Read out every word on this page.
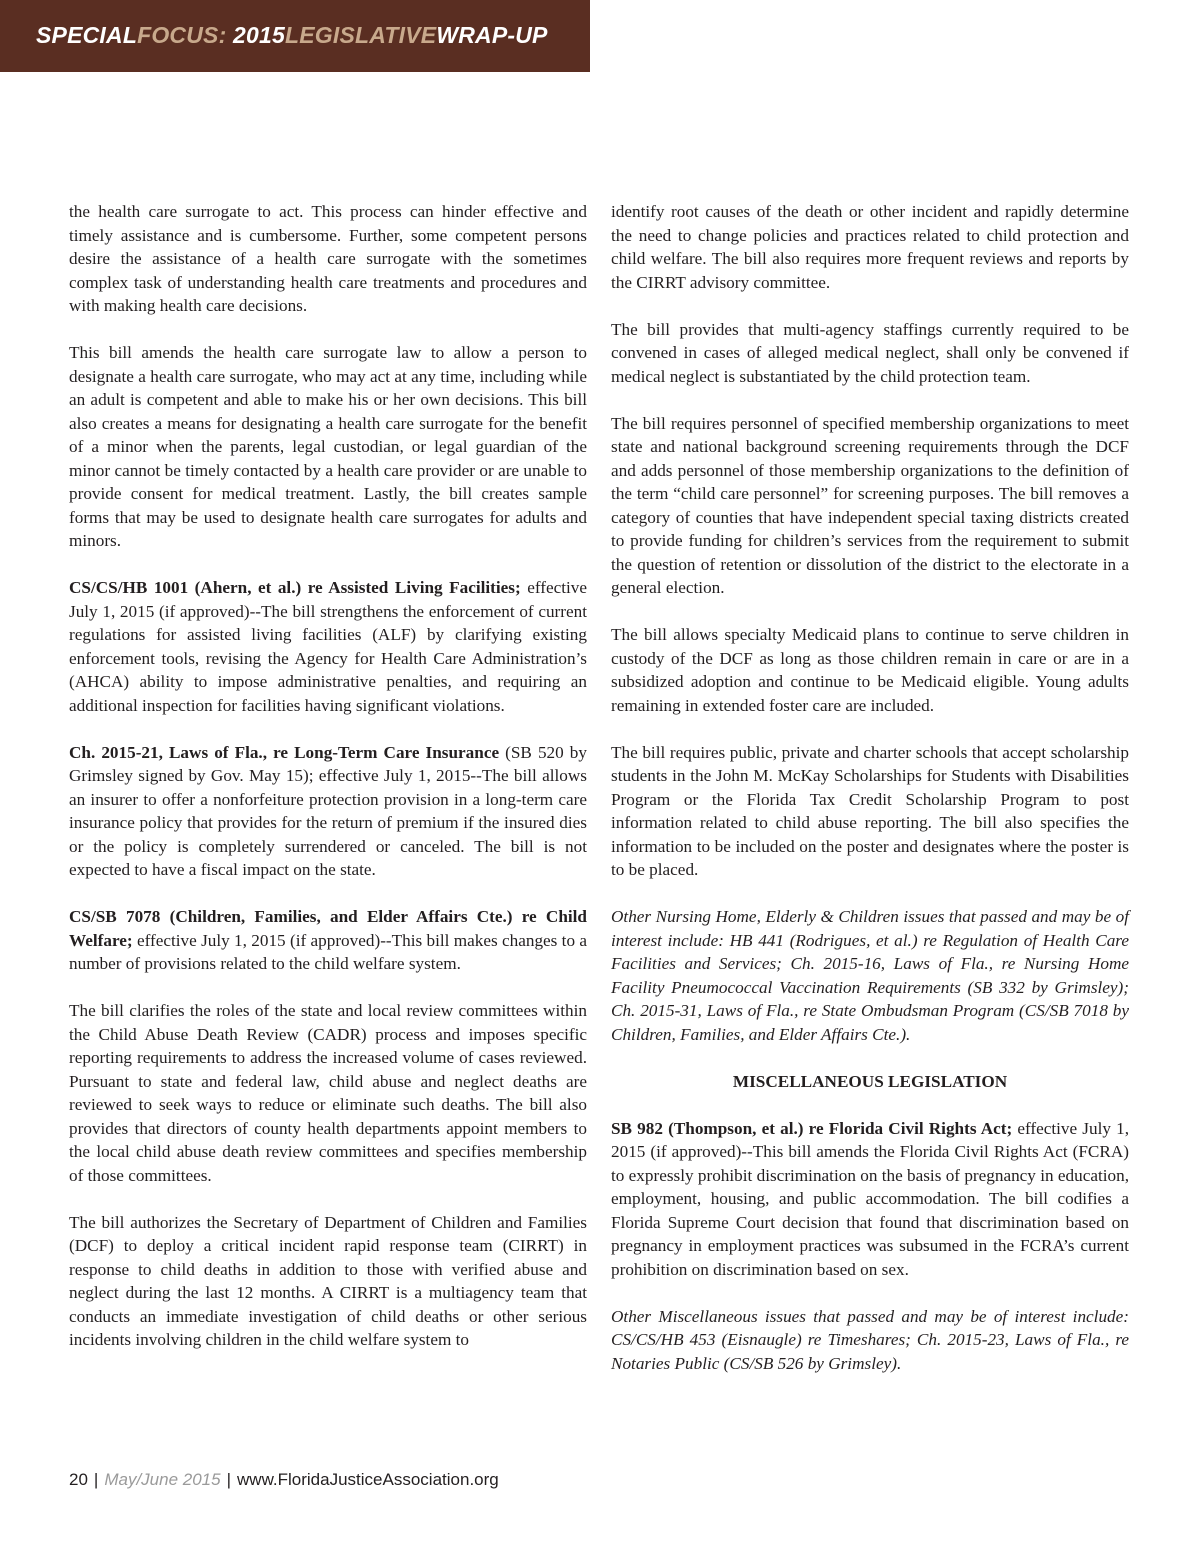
SPECIALFOCUS: 2015LEGISLATIVEWRAP-UP

the health care surrogate to act. This process can hinder effective and timely assistance and is cumbersome. Further, some competent persons desire the assistance of a health care surrogate with the sometimes complex task of understanding health care treatments and procedures and with making health care decisions.

This bill amends the health care surrogate law to allow a person to designate a health care surrogate, who may act at any time, including while an adult is competent and able to make his or her own decisions. This bill also creates a means for designating a health care surrogate for the benefit of a minor when the parents, legal custodian, or legal guardian of the minor cannot be timely contacted by a health care provider or are unable to provide consent for medical treatment. Lastly, the bill creates sample forms that may be used to designate health care surrogates for adults and minors.

CS/CS/HB 1001 (Ahern, et al.) re Assisted Living Facilities; effective July 1, 2015 (if approved)--The bill strengthens the enforcement of current regulations for assisted living facilities (ALF) by clarifying existing enforcement tools, revising the Agency for Health Care Administration’s (AHCA) ability to impose administrative penalties, and requiring an additional inspection for facilities having significant violations.

Ch. 2015-21, Laws of Fla., re Long-Term Care Insurance (SB 520 by Grimsley signed by Gov. May 15); effective July 1, 2015--The bill allows an insurer to offer a nonforfeiture protection provision in a long-term care insurance policy that provides for the return of premium if the insured dies or the policy is completely surrendered or canceled. The bill is not expected to have a fiscal impact on the state.

CS/SB 7078 (Children, Families, and Elder Affairs Cte.) re Child Welfare; effective July 1, 2015 (if approved)--This bill makes changes to a number of provisions related to the child welfare system.

The bill clarifies the roles of the state and local review committees within the Child Abuse Death Review (CADR) process and imposes specific reporting requirements to address the increased volume of cases reviewed. Pursuant to state and federal law, child abuse and neglect deaths are reviewed to seek ways to reduce or eliminate such deaths. The bill also provides that directors of county health departments appoint members to the local child abuse death review committees and specifies membership of those committees.

The bill authorizes the Secretary of Department of Children and Families (DCF) to deploy a critical incident rapid response team (CIRRT) in response to child deaths in addition to those with verified abuse and neglect during the last 12 months. A CIRRT is a multiagency team that conducts an immediate investigation of child deaths or other serious incidents involving children in the child welfare system to

identify root causes of the death or other incident and rapidly determine the need to change policies and practices related to child protection and child welfare. The bill also requires more frequent reviews and reports by the CIRRT advisory committee.

The bill provides that multi-agency staffings currently required to be convened in cases of alleged medical neglect, shall only be convened if medical neglect is substantiated by the child protection team.

The bill requires personnel of specified membership organizations to meet state and national background screening requirements through the DCF and adds personnel of those membership organizations to the definition of the term “child care personnel” for screening purposes. The bill removes a category of counties that have independent special taxing districts created to provide funding for children’s services from the requirement to submit the question of retention or dissolution of the district to the electorate in a general election.

The bill allows specialty Medicaid plans to continue to serve children in custody of the DCF as long as those children remain in care or are in a subsidized adoption and continue to be Medicaid eligible. Young adults remaining in extended foster care are included.

The bill requires public, private and charter schools that accept scholarship students in the John M. McKay Scholarships for Students with Disabilities Program or the Florida Tax Credit Scholarship Program to post information related to child abuse reporting. The bill also specifies the information to be included on the poster and designates where the poster is to be placed.

Other Nursing Home, Elderly & Children issues that passed and may be of interest include: HB 441 (Rodrigues, et al.) re Regulation of Health Care Facilities and Services; Ch. 2015-16, Laws of Fla., re Nursing Home Facility Pneumococcal Vaccination Requirements (SB 332 by Grimsley); Ch. 2015-31, Laws of Fla., re State Ombudsman Program (CS/SB 7018 by Children, Families, and Elder Affairs Cte.).

MISCELLANEOUS LEGISLATION

SB 982 (Thompson, et al.) re Florida Civil Rights Act; effective July 1, 2015 (if approved)--This bill amends the Florida Civil Rights Act (FCRA) to expressly prohibit discrimination on the basis of pregnancy in education, employment, housing, and public accommodation. The bill codifies a Florida Supreme Court decision that found that discrimination based on pregnancy in employment practices was subsumed in the FCRA’s current prohibition on discrimination based on sex.

Other Miscellaneous issues that passed and may be of interest include: CS/CS/HB 453 (Eisnaugle) re Timeshares; Ch. 2015-23, Laws of Fla., re Notaries Public (CS/SB 526 by Grimsley).

20 | May/June 2015 | www.FloridaJusticeAssociation.org
